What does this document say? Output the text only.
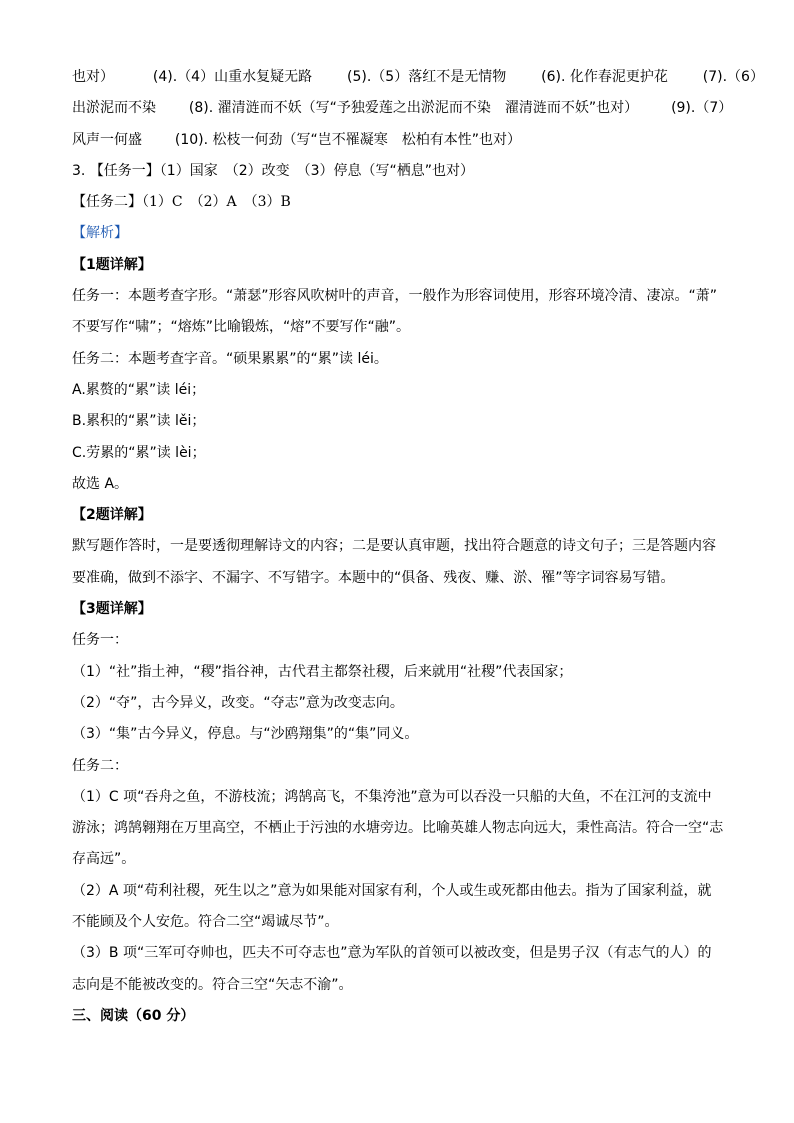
也对）	(4).（4）山重水复疑无路 (5).（5）落红不是无情物 (6). 化作春泥更护花 (7).（6）
出淤泥而不染 (8). 濯清涟而不妖（写“予独爱莲之出淤泥而不染　濯清涟而不妖”也对） (9).（7）
风声一何盛 (10). 松枝一何劲（写“岂不罹凝寒　松柏有本性”也对）
3. 【任务一】（1）国家　（2）改变　（3）停息（写“栖息”也对）
【任务二】（1）C　（2）A　（3）B
【解析】
【1题详解】
任务一：本题考查字形。“萧瑟”形容风吹树叶的声音，一般作为形容词使用，形容环境冷清、凄凉。“萧”
不要写作“啸”；“熔炼”比喻锻炼，“熔”不要写作“融”。
任务二：本题考查字音。“硕果累累”的“累”读 léi。
A.累赘的“累”读 léi；
B.累积的“累”读 lěi；
C.劳累的“累”读 lèi；
故选 A。
【2题详解】
默写题作答时，一是要透彻理解诗文的内容；二是要认真审题，找出符合题意的诗文句子；三是答题内容
要准确，做到不添字、不漏字、不写错字。本题中的“俱备、残夜、赚、淤、罹”等字词容易写错。
【3题详解】
任务一：
（1）“社”指土神，“稷”指谷神，古代君主都祭社稷，后来就用“社稷”代表国家；
（2）“夺”，古今异义，改变。“夺志”意为改变志向。
（3）“集”古今异义，停息。与“沙鸥翔集”的“集”同义。
任务二：
（1）C 项“吞舟之鱼，不游枝流；鸿鹄高飞，不集洿池”意为可以吞没一只船的大鱼，不在江河的支流中
游泳；鸿鹄翱翔在万里高空，不栖止于污浊的水塘旁边。比喻英雄人物志向远大，秉性高洁。符合一空“志
存高远”。
（2）A 项“苟利社稷，死生以之”意为如果能对国家有利，个人或生或死都由他去。指为了国家利益，就
不能顾及个人安危。符合二空“竭诚尽节”。
（3）B 项“三军可夺帅也，匹夫不可夺志也”意为军队的首领可以被改变，但是男子汉（有志气的人）的
志向是不能被改变的。符合三空“矢志不渝”。
三、阅读（60 分）
